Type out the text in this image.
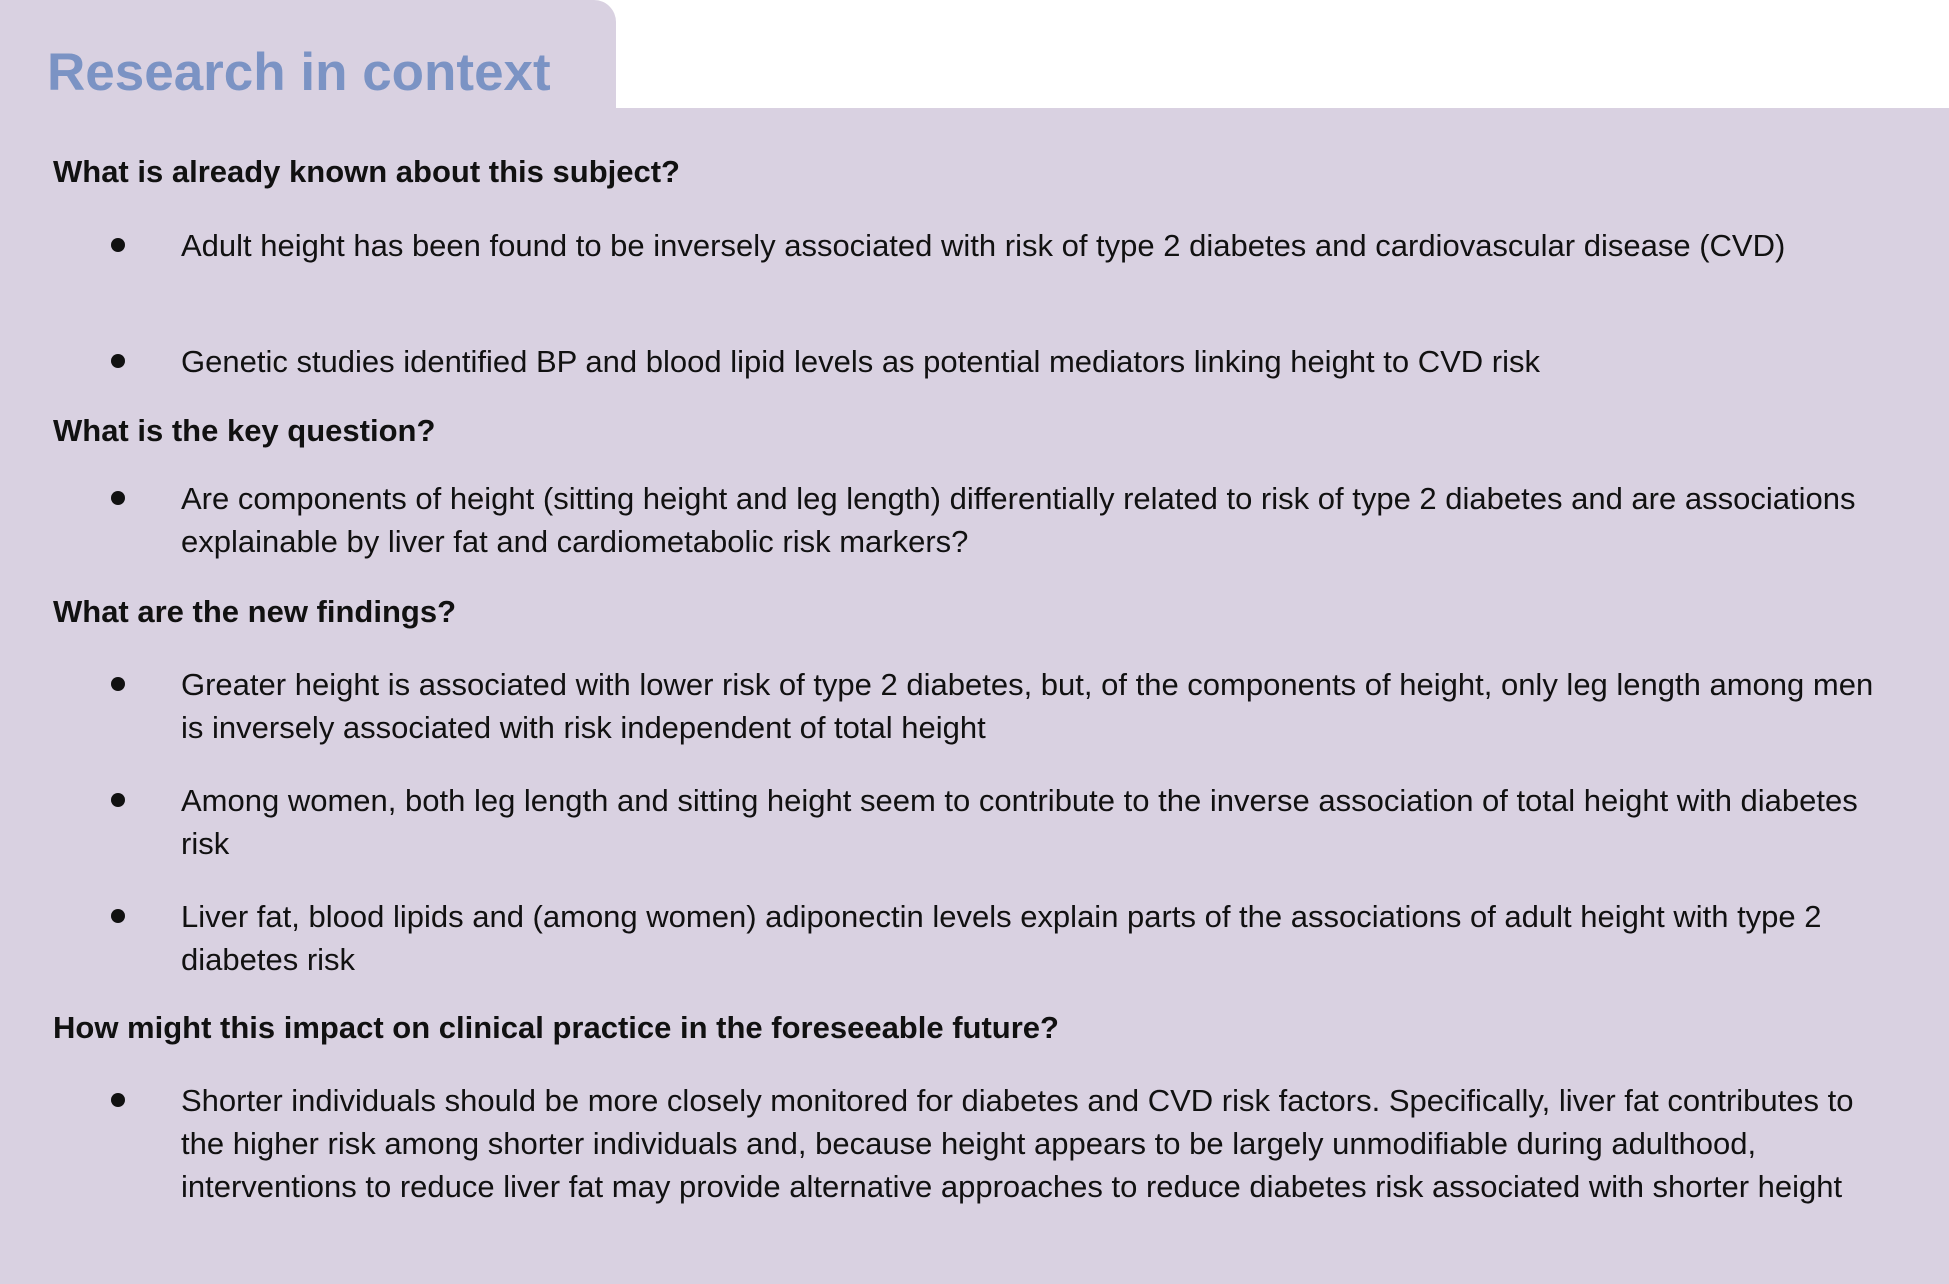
Research in context
What is already known about this subject?

Adult height has been found to be inversely associated with risk of type 2 diabetes and cardiovascular disease (CVD)

Genetic studies identified BP and blood lipid levels as potential mediators linking height to CVD risk

What is the key question?

Are components of height (sitting height and leg length) differentially related to risk of type 2 diabetes and are associations explainable by liver fat and cardiometabolic risk markers?

What are the new findings?

Greater height is associated with lower risk of type 2 diabetes, but, of the components of height, only leg length among men is inversely associated with risk independent of total height

Among women, both leg length and sitting height seem to contribute to the inverse association of total height with diabetes risk

Liver fat, blood lipids and (among women) adiponectin levels explain parts of the associations of adult height with type 2 diabetes risk

How might this impact on clinical practice in the foreseeable future?

Shorter individuals should be more closely monitored for diabetes and CVD risk factors. Specifically, liver fat contributes to the higher risk among shorter individuals and, because height appears to be largely unmodifiable during adulthood, interventions to reduce liver fat may provide alternative approaches to reduce diabetes risk associated with shorter height
